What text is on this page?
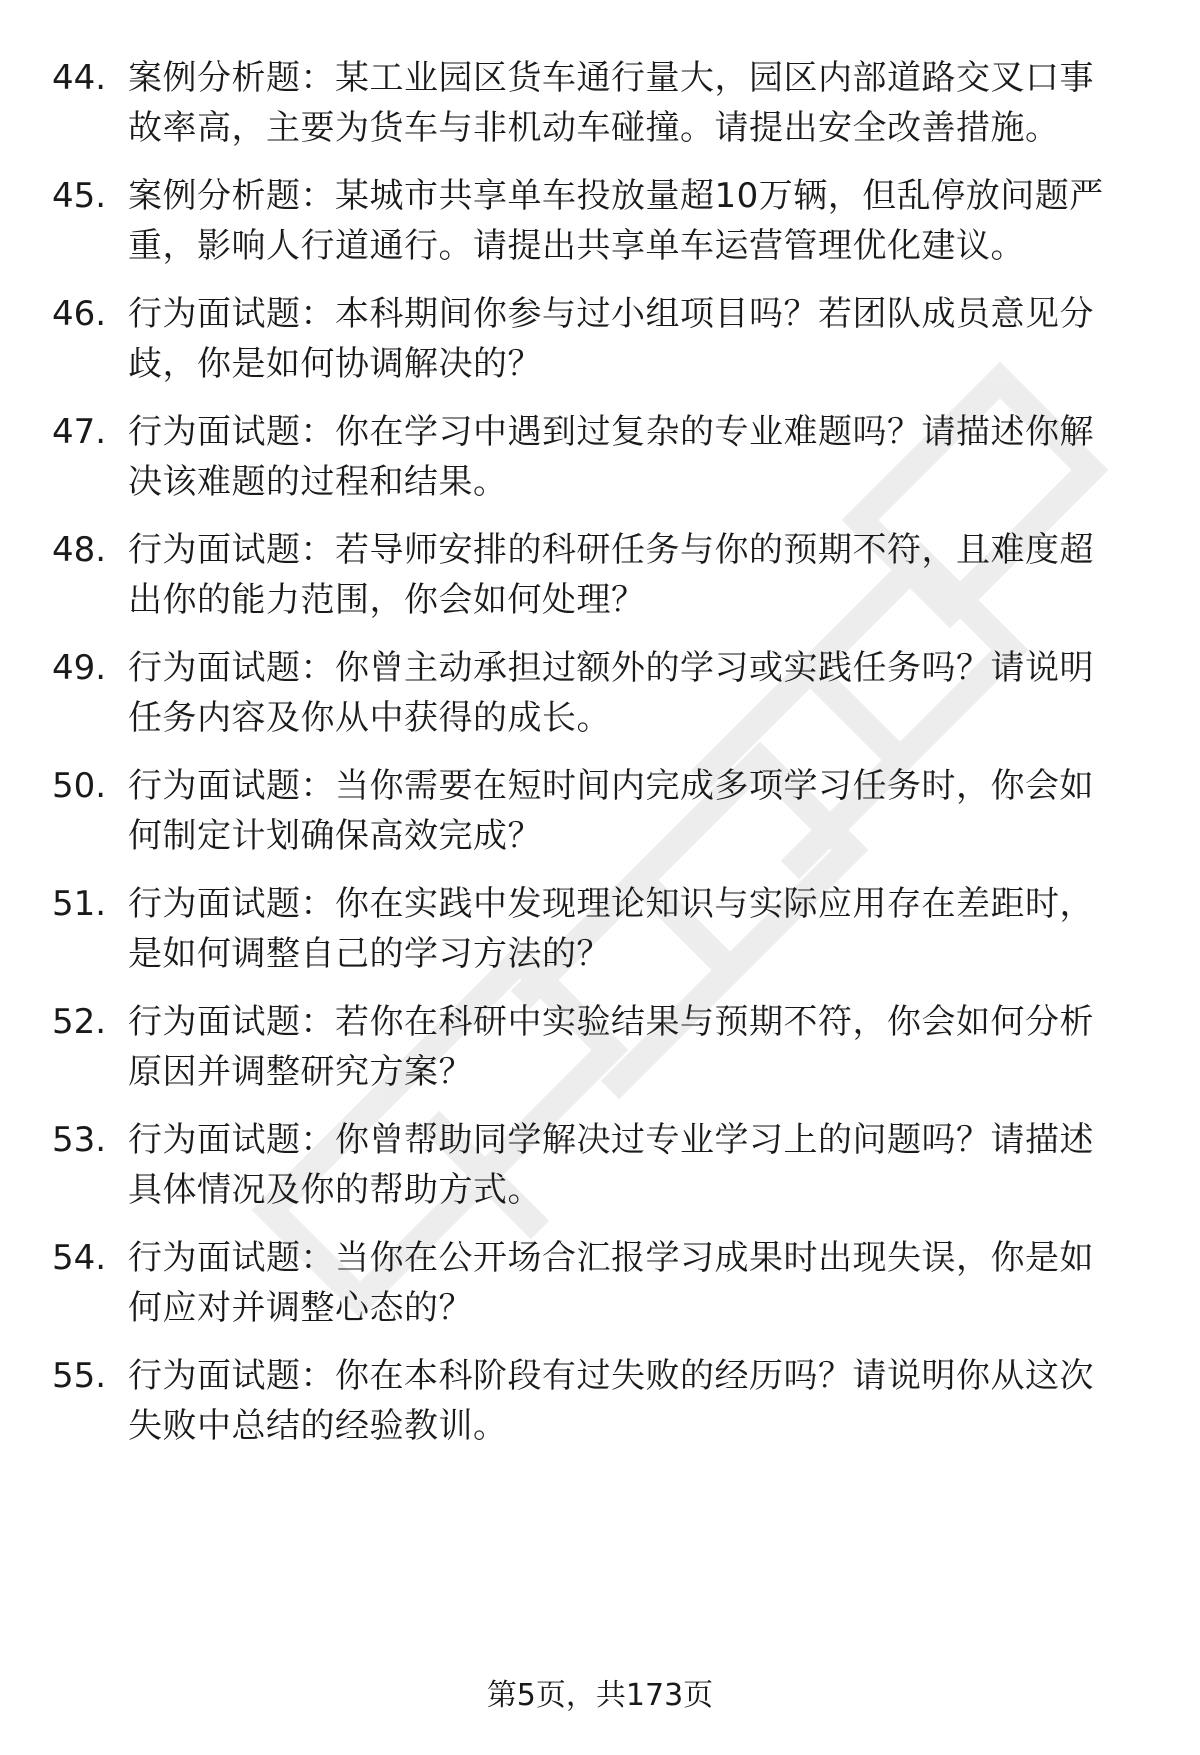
44. 案例分析题：某工业园区货车通行量大，园区内部道路交叉口事
故率高，主要为货车与非机动车碰撞。请提出安全改善措施。
45. 案例分析题：某城市共享单车投放量超10万辆，但乱停放问题严
重，影响人行道通行。请提出共享单车运营管理优化建议。
46. 行为面试题：本科期间你参与过小组项目吗？若团队成员意见分
歧，你是如何协调解决的？
47. 行为面试题：你在学习中遇到过复杂的专业难题吗？请描述你解
决该难题的过程和结果。
48. 行为面试题：若导师安排的科研任务与你的预期不符，且难度超
出你的能力范围，你会如何处理？
49. 行为面试题：你曾主动承担过额外的学习或实践任务吗？请说明
任务内容及你从中获得的成长。
50. 行为面试题：当你需要在短时间内完成多项学习任务时，你会如
何制定计划确保高效完成？
51. 行为面试题：你在实践中发现理论知识与实际应用存在差距时，
是如何调整自己的学习方法的？
52. 行为面试题：若你在科研中实验结果与预期不符，你会如何分析
原因并调整研究方案？
53. 行为面试题：你曾帮助同学解决过专业学习上的问题吗？请描述
具体情况及你的帮助方式。
54. 行为面试题：当你在公开场合汇报学习成果时出现失误，你是如
何应对并调整心态的？
55. 行为面试题：你在本科阶段有过失败的经历吗？请说明你从这次
失败中总结的经验教训。
第5页，共173页
